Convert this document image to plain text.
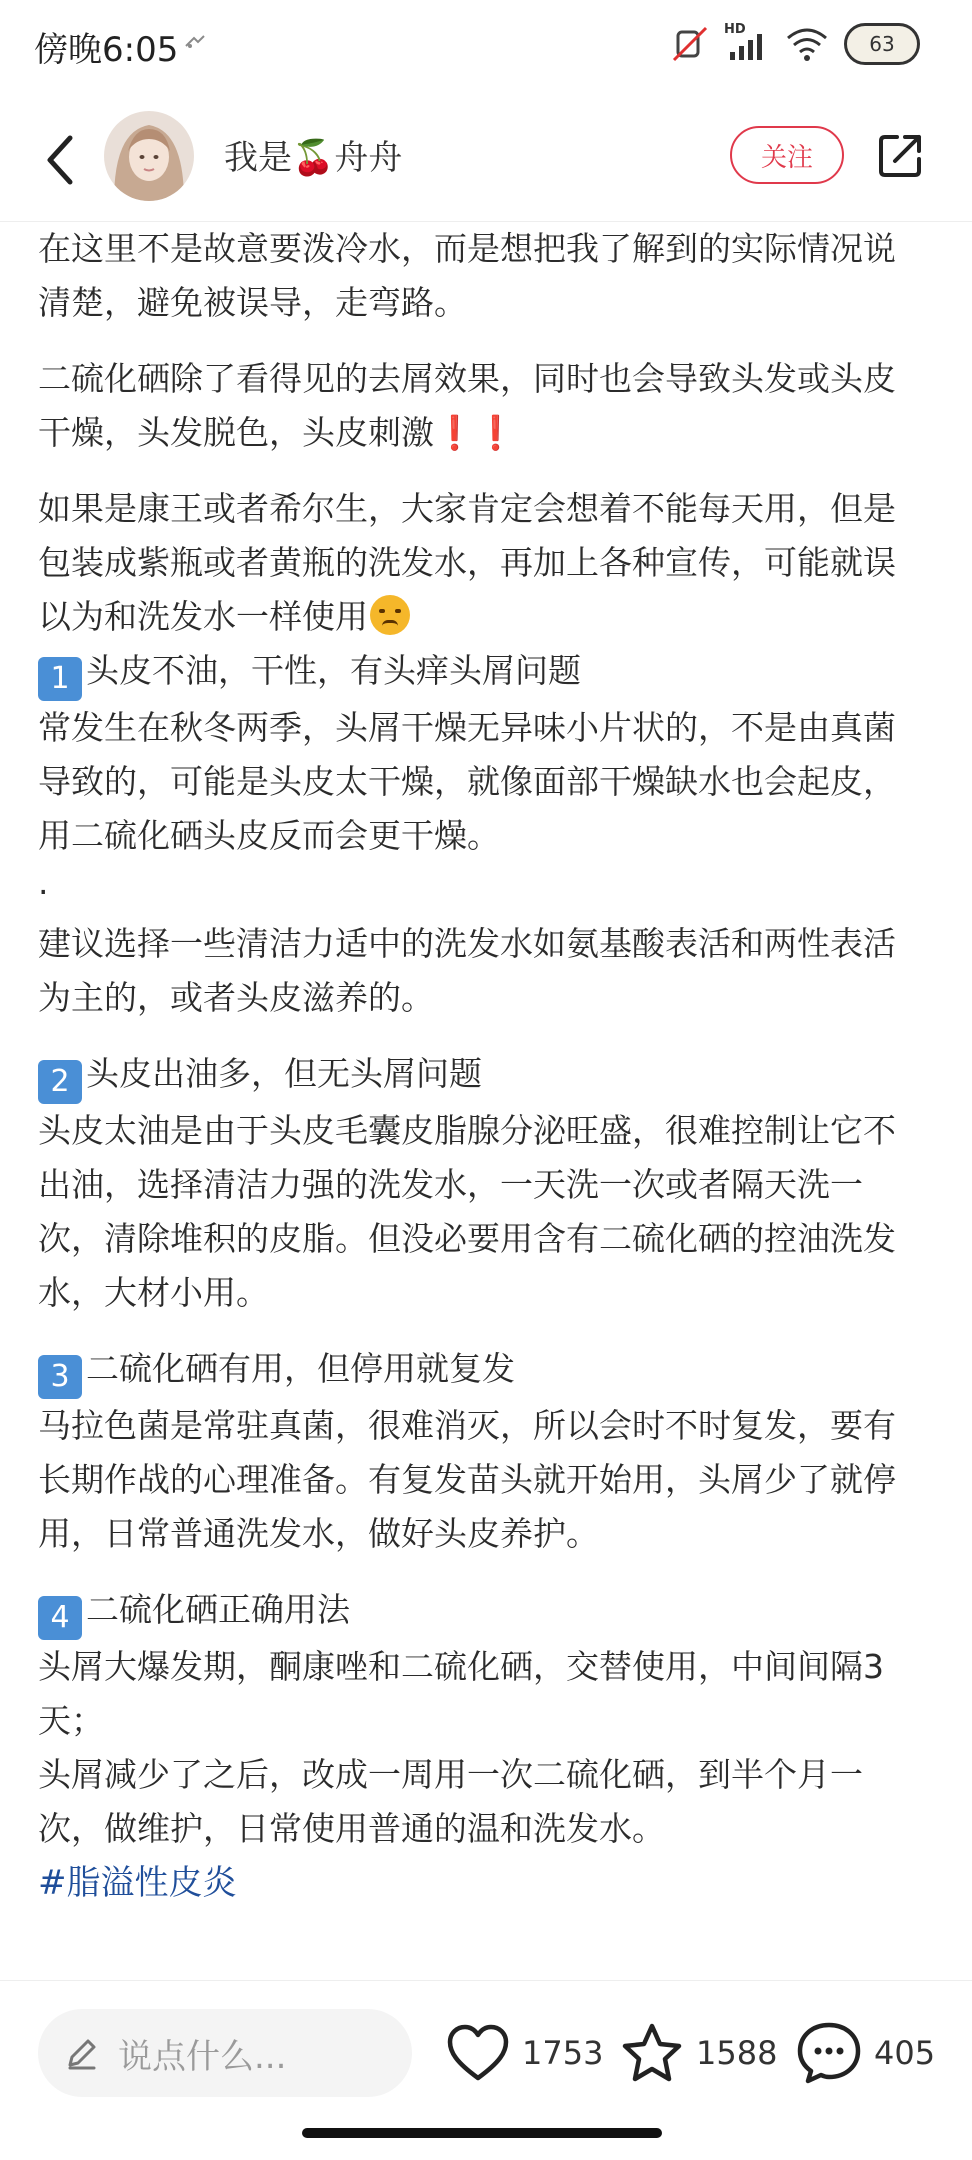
傍晚6:05
HD
63
我是🍒舟舟	关注

在这里不是故意要泼冷水，而是想把我了解到的实际情况说清楚，避免被误导，走弯路。

二硫化硒除了看得见的去屑效果，同时也会导致头发或头皮干燥，头发脱色，头皮刺激❗❗

如果是康王或者希尔生，大家肯定会想着不能每天用，但是包装成紫瓶或者黄瓶的洗发水，再加上各种宣传，可能就误以为和洗发水一样使用

1 头皮不油，干性，有头痒头屑问题

常发生在秋冬两季，头屑干燥无异味小片状的，不是由真菌导致的，可能是头皮太干燥，就像面部干燥缺水也会起皮，用二硫化硒头皮反而会更干燥。

.

建议选择一些清洁力适中的洗发水如氨基酸表活和两性表活为主的，或者头皮滋养的。

2 头皮出油多，但无头屑问题

头皮太油是由于头皮毛囊皮脂腺分泌旺盛，很难控制让它不出油，选择清洁力强的洗发水，一天洗一次或者隔天洗一次，清除堆积的皮脂。但没必要用含有二硫化硒的控油洗发水，大材小用。

3 二硫化硒有用，但停用就复发

马拉色菌是常驻真菌，很难消灭，所以会时不时复发，要有长期作战的心理准备。有复发苗头就开始用，头屑少了就停用，日常普通洗发水，做好头皮养护。

4 二硫化硒正确用法

头屑大爆发期，酮康唑和二硫化硒，交替使用，中间间隔3天；

头屑减少了之后，改成一周用一次二硫化硒，到半个月一次，做维护，日常使用普通的温和洗发水。

#脂溢性皮炎

说点什么...	1753	1588	405
